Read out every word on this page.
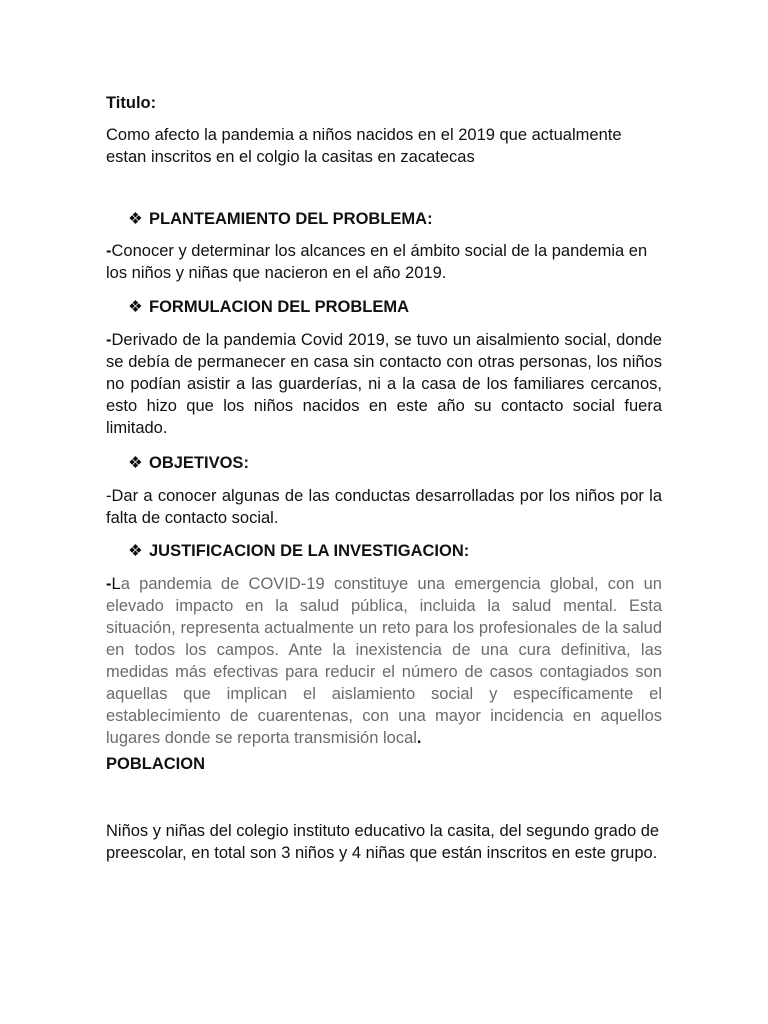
Titulo:

Como afecto la pandemia a niños nacidos en el 2019 que actualmente estan inscritos en el colgio la casitas en zacatecas

❖ PLANTEAMIENTO DEL PROBLEMA:

-Conocer y determinar los alcances en el ámbito social de la pandemia en los niños y niñas que nacieron en el año 2019.

❖ FORMULACION DEL PROBLEMA

-Derivado de la pandemia Covid 2019, se tuvo un aisalmiento social, donde se debía de permanecer en casa sin contacto con otras personas, los niños no podían asistir a las guarderías, ni a la casa de los familiares cercanos, esto hizo que los niños nacidos en este año su contacto social fuera limitado.

❖ OBJETIVOS:

-Dar a conocer algunas de las conductas desarrolladas por los niños por la falta de contacto social.

❖ JUSTIFICACION DE LA INVESTIGACION:

-La pandemia de COVID-19 constituye una emergencia global, con un elevado impacto en la salud pública, incluida la salud mental. Esta situación, representa actualmente un reto para los profesionales de la salud en todos los campos. Ante la inexistencia de una cura definitiva, las medidas más efectivas para reducir el número de casos contagiados son aquellas que implican el aislamiento social y específicamente el establecimiento de cuarentenas, con una mayor incidencia en aquellos lugares donde se reporta transmisión local.

POBLACION

Niños y niñas del colegio instituto educativo la casita, del segundo grado de preescolar, en total son 3 niños y 4 niñas que están inscritos en este grupo.
